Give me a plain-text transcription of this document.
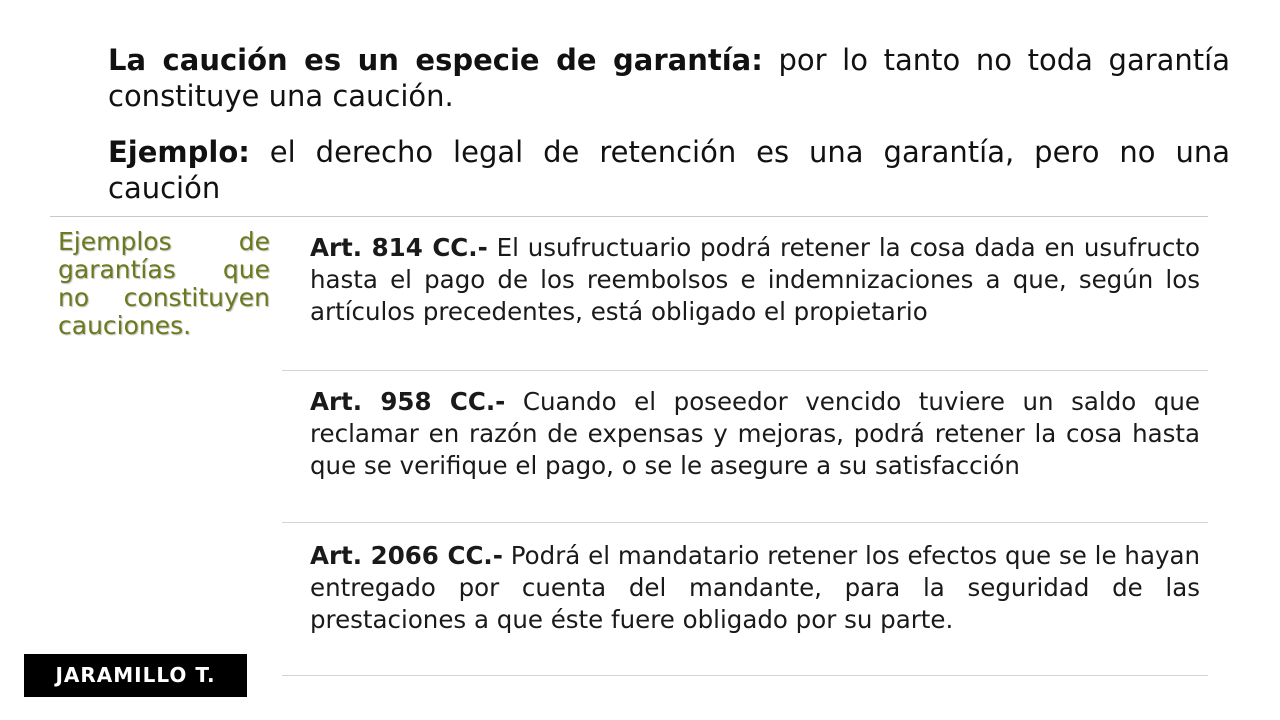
La caución es un especie de garantía: por lo tanto no toda garantía constituye una caución.

Ejemplo: el derecho legal de retención es una garantía, pero no una caución

Ejemplos de
garantías que
no constituyen
cauciones.
Art. 814 CC.- El usufructuario podrá retener la cosa dada en usufructo hasta el pago de los reembolsos e indemnizaciones a que, según los artículos precedentes, está obligado el propietario
Art. 958 CC.- Cuando el poseedor vencido tuviere un saldo que reclamar en razón de expensas y mejoras, podrá retener la cosa hasta que se verifique el pago, o se le asegure a su satisfacción
Art. 2066 CC.- Podrá el mandatario retener los efectos que se le hayan entregado por cuenta del mandante, para la seguridad de las prestaciones a que éste fuere obligado por su parte.
JARAMILLO T.
